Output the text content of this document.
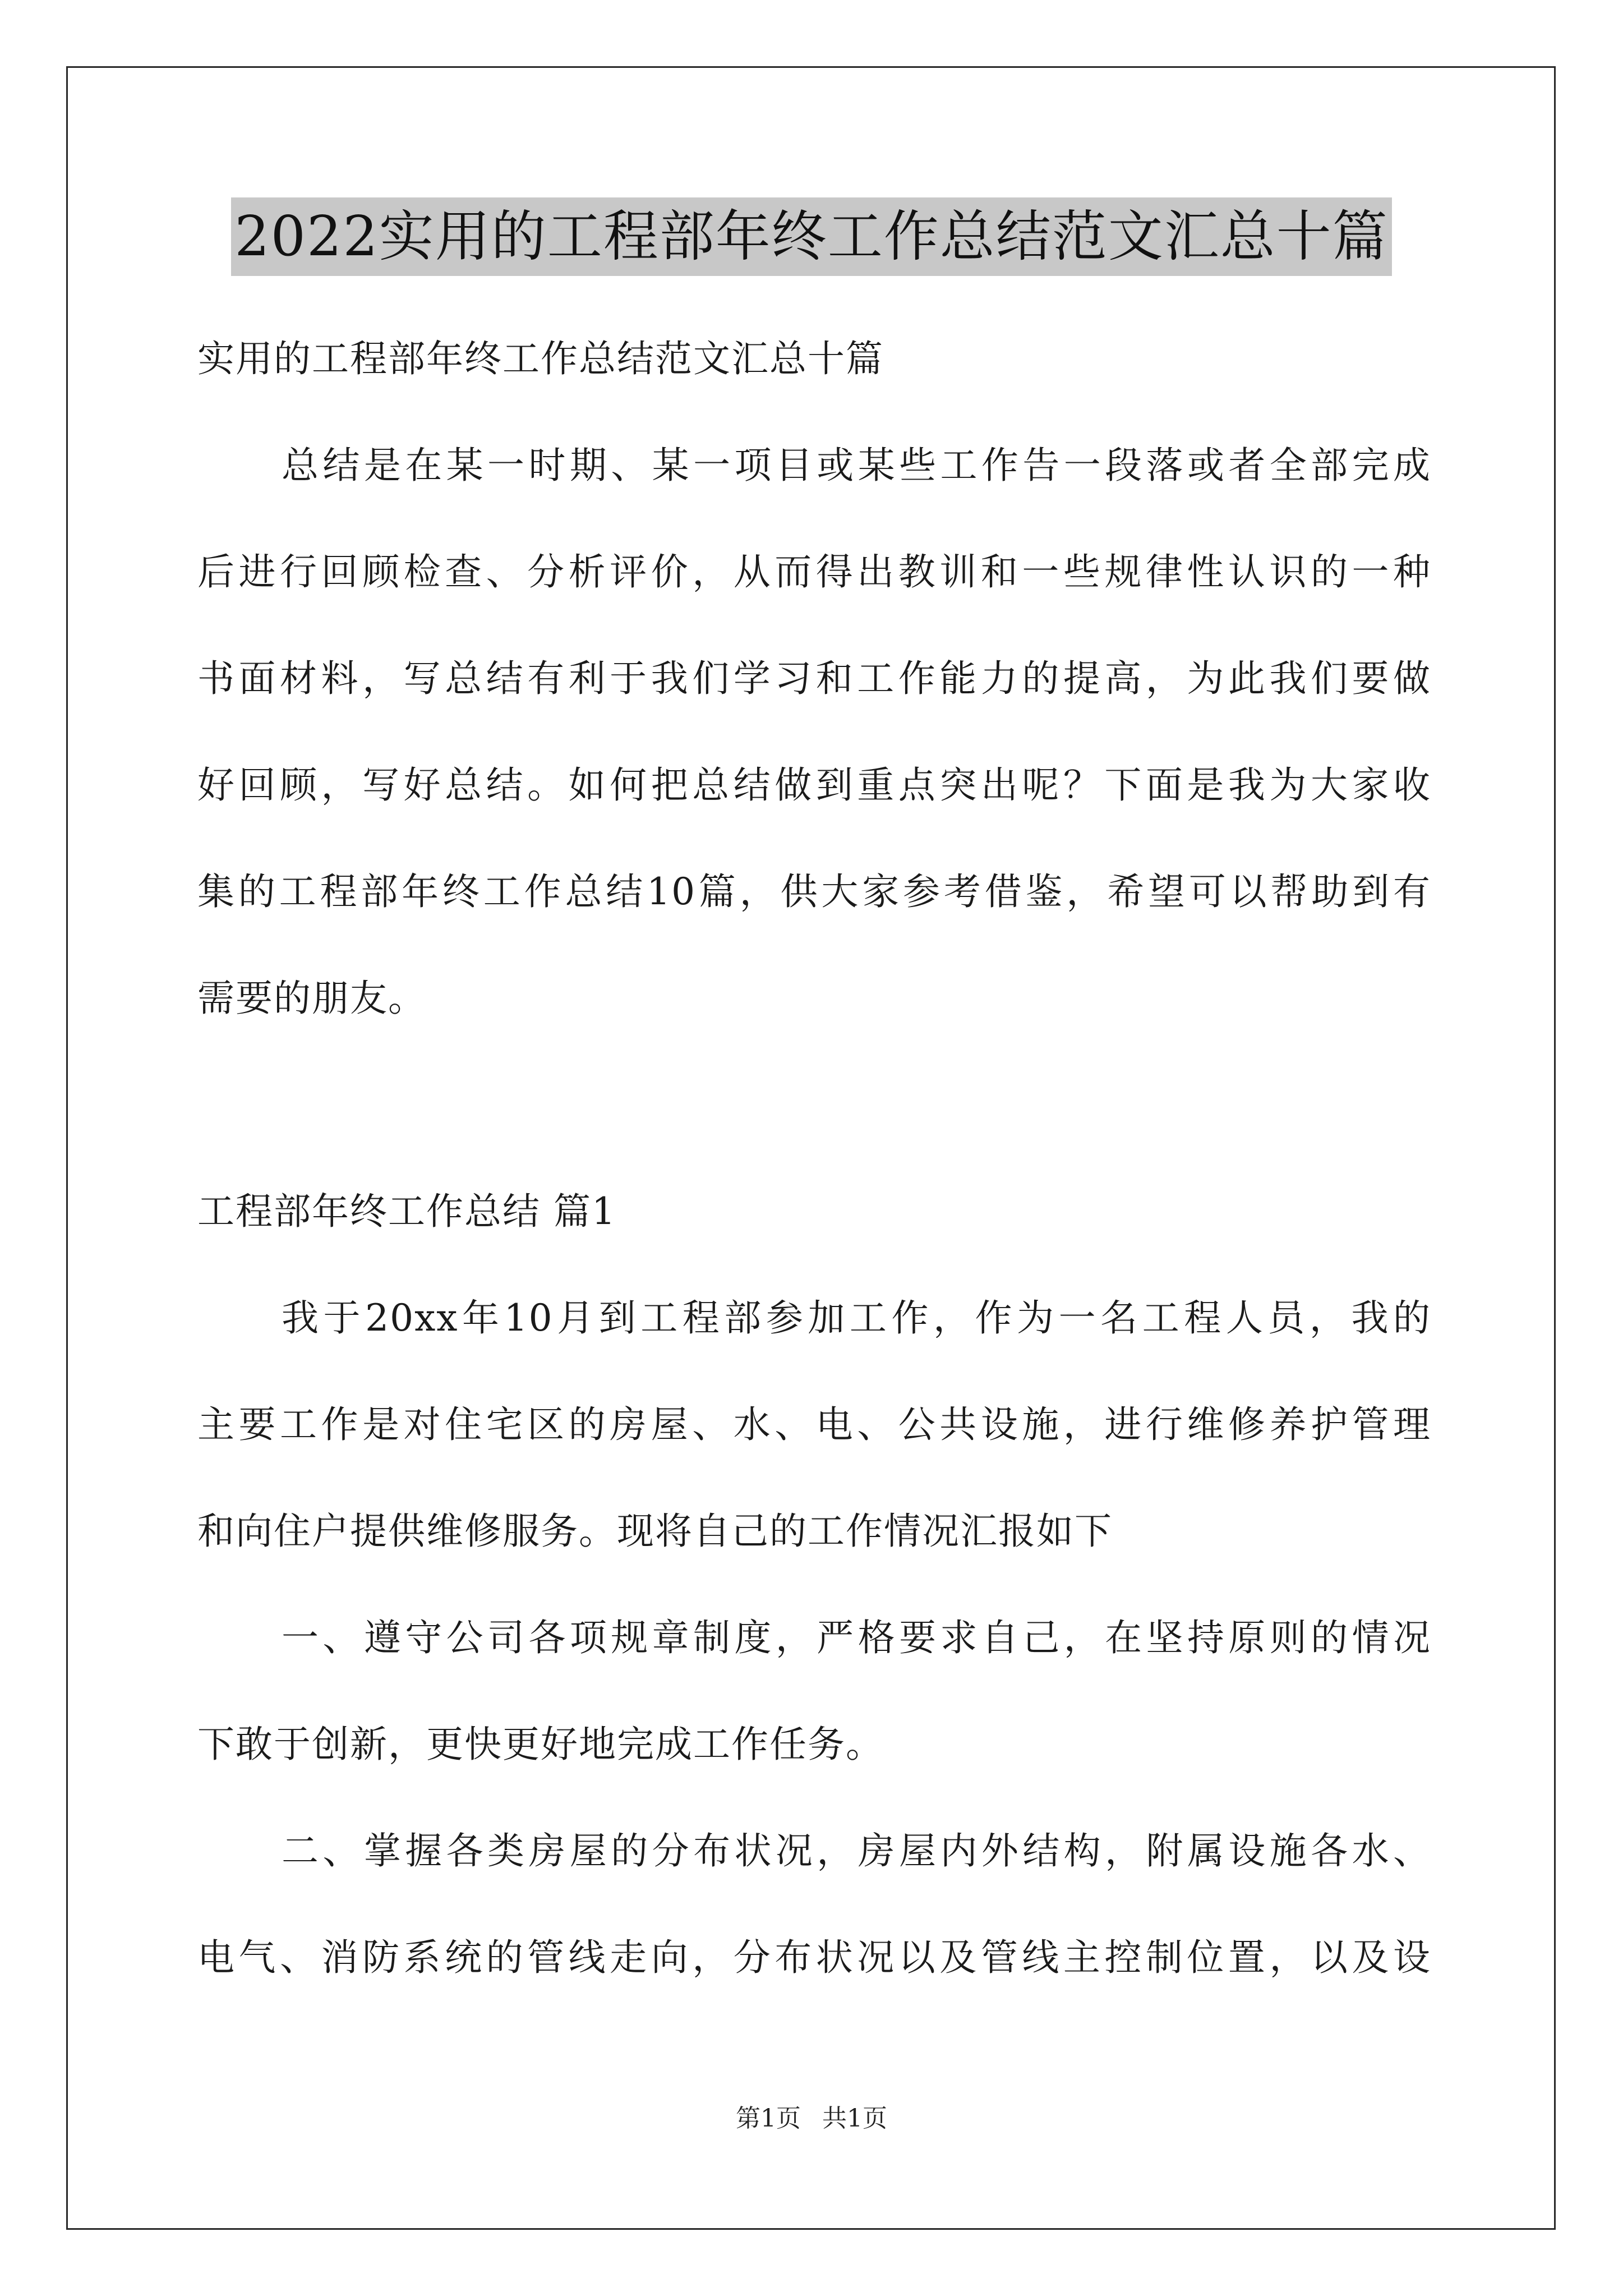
2022实用的工程部年终工作总结范文汇总十篇
实用的工程部年终工作总结范文汇总十篇
总结是在某一时期、某一项目或某些工作告一段落或者全部完成
后进行回顾检查、分析评价，从而得出教训和一些规律性认识的一种
书面材料，写总结有利于我们学习和工作能力的提高，为此我们要做
好回顾，写好总结。如何把总结做到重点突出呢？下面是我为大家收
集的工程部年终工作总结10篇，供大家参考借鉴，希望可以帮助到有
需要的朋友。
工程部年终工作总结 篇1
我于20xx年10月到工程部参加工作，作为一名工程人员，我的
主要工作是对住宅区的房屋、水、电、公共设施，进行维修养护管理
和向住户提供维修服务。现将自己的工作情况汇报如下
一、遵守公司各项规章制度，严格要求自己，在坚持原则的情况
下敢于创新，更快更好地完成工作任务。
二、掌握各类房屋的分布状况，房屋内外结构，附属设施各水、
电气、消防系统的管线走向，分布状况以及管线主控制位置，以及设
第1页 共1页
